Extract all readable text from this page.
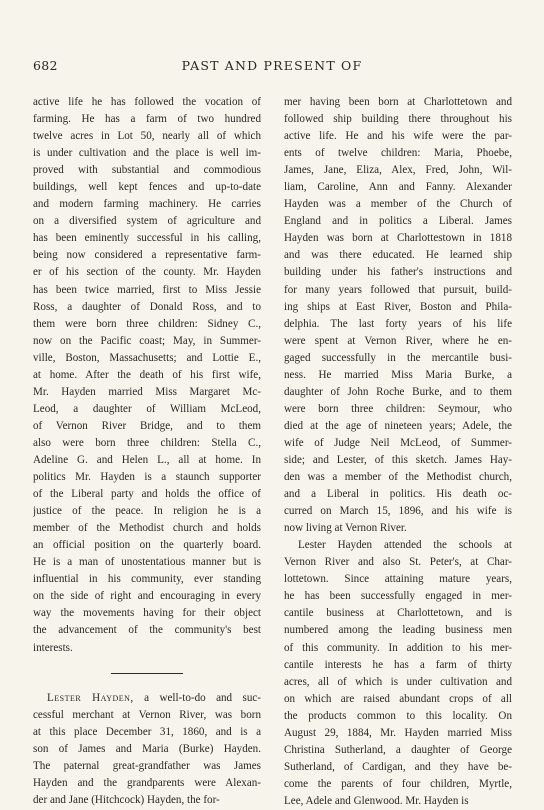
682	PAST AND PRESENT OF
active life he has followed the vocation of
farming. He has a farm of two hundred
twelve acres in Lot 50, nearly all of which
is under cultivation and the place is well im-
proved with substantial and commodious
buildings, well kept fences and up-to-date
and modern farming machinery. He carries
on a diversified system of agriculture and
has been eminently successful in his calling,
being now considered a representative farm-
er of his section of the county. Mr. Hayden
has been twice married, first to Miss Jessie
Ross, a daughter of Donald Ross, and to
them were born three children: Sidney C.,
now on the Pacific coast; May, in Summer-
ville, Boston, Massachusetts; and Lottie E.,
at home. After the death of his first wife,
Mr. Hayden married Miss Margaret Mc-
Leod, a daughter of William McLeod,
of Vernon River Bridge, and to them
also were born three children: Stella C.,
Adeline G. and Helen L., all at home. In
politics Mr. Hayden is a staunch supporter
of the Liberal party and holds the office of
justice of the peace. In religion he is a
member of the Methodist church and holds
an official position on the quarterly board.
He is a man of unostentatious manner but is
influential in his community, ever standing
on the side of right and encouraging in every
way the movements having for their object
the advancement of the community's best
interests.
Lester Hayden, a well-to-do and suc-
cessful merchant at Vernon River, was born
at this place December 31, 1860, and is a
son of James and Maria (Burke) Hayden.
The paternal great-grandfather was James
Hayden and the grandparents were Alexan-
der and Jane (Hitchcock) Hayden, the for-
mer having been born at Charlottetown and
followed ship building there throughout his
active life. He and his wife were the par-
ents of twelve children: Maria, Phoebe,
James, Jane, Eliza, Alex, Fred, John, Wil-
liam, Caroline, Ann and Fanny. Alexander
Hayden was a member of the Church of
England and in politics a Liberal. James
Hayden was born at Charlottestown in 1818
and was there educated. He learned ship
building under his father's instructions and
for many years followed that pursuit, build-
ing ships at East River, Boston and Phila-
delphia. The last forty years of his life
were spent at Vernon River, where he en-
gaged successfully in the mercantile busi-
ness. He married Miss Maria Burke, a
daughter of John Roche Burke, and to them
were born three children: Seymour, who
died at the age of nineteen years; Adele, the
wife of Judge Neil McLeod, of Summer-
side; and Lester, of this sketch. James Hay-
den was a member of the Methodist church,
and a Liberal in politics. His death oc-
curred on March 15, 1896, and his wife is
now living at Vernon River.
Lester Hayden attended the schools at
Vernon River and also St. Peter's, at Char-
lottetown. Since attaining mature years,
he has been successfully engaged in mer-
cantile business at Charlottetown, and is
numbered among the leading business men
of this community. In addition to his mer-
cantile interests he has a farm of thirty
acres, all of which is under cultivation and
on which are raised abundant crops of all
the products common to this locality. On
August 29, 1884, Mr. Hayden married Miss
Christina Sutherland, a daughter of George
Sutherland, of Cardigan, and they have be-
come the parents of four children, Myrtle,
Lee, Adele and Glenwood. Mr. Hayden is
